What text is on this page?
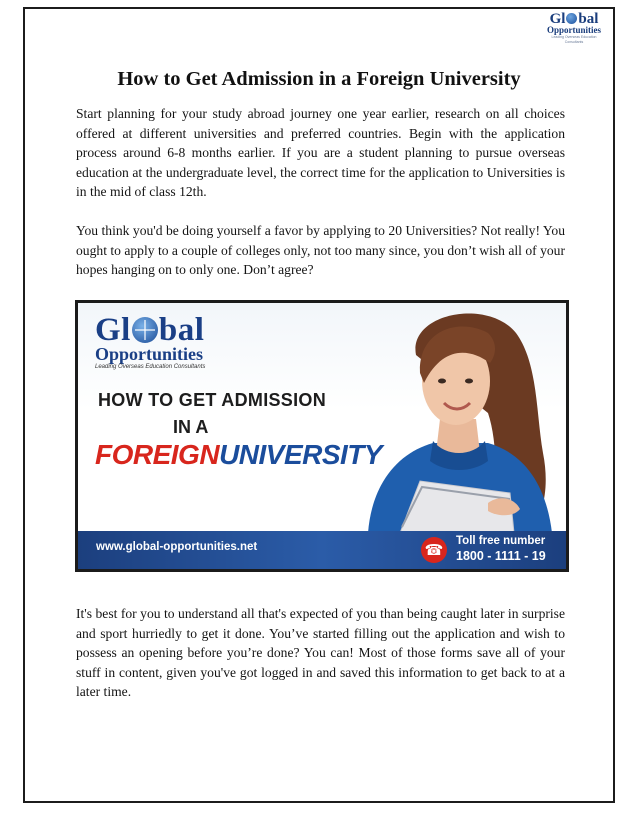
Gl bal
Opportunities
Leading Overseas Education Consultants
How to Get Admission in a Foreign University

Start planning for your study abroad journey one year earlier, research on all choices offered at different universities and preferred countries. Begin with the application process around 6-8 months earlier. If you are a student planning to pursue overseas education at the undergraduate level, the correct time for the application to Universities is in the mid of class 12th.

You think you'd be doing yourself a favor by applying to 20 Universities? Not really! You ought to apply to a couple of colleges only, not too many since, you don’t wish all of your hopes hanging on to only one. Don’t agree?

Gl bal
Opportunities
Leading Overseas Education Consultants
HOW TO GET ADMISSION
IN A
FOREIGNUNIVERSITY
www.global-opportunities.net	☎	Toll free number
1800 - 1111 - 19

It's best for you to understand all that's expected of you than being caught later in surprise and sport hurriedly to get it done. You’ve started filling out the application and wish to possess an opening before you’re done? You can! Most of those forms save all of your stuff in content, given you've got logged in and saved this information to get back to at a later time.
